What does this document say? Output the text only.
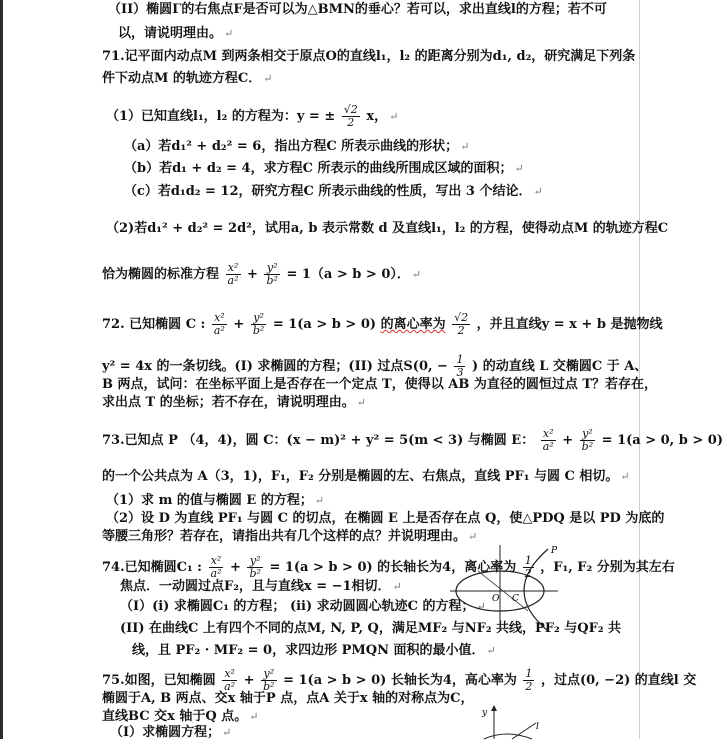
（II）椭圆Γ的右焦点F是否可以为△BMN的垂心？若可以，求出直线l的方程；若不可
以，请说明理由。 ↵
71.记平面内动点M 到两条相交于原点O的直线l₁，l₂ 的距离分别为d₁, d₂，研究满足下列条
件下动点M 的轨迹方程C． ↵
（1）已知直线l₁，l₂ 的方程为：y = ± $\frac{√2}{2}$ x， ↵
（a）若d₁² + d₂² = 6，指出方程C 所表示曲线的形状； ↵
（b）若d₁ + d₂ = 4，求方程C 所表示的曲线所围成区域的面积； ↵
（c）若d₁d₂ = 12，研究方程C 所表示曲线的性质，写出 3 个结论． ↵
（2)若d₁² + d₂² = 2d²，试用a, b 表示常数 d 及直线l₁，l₂ 的方程，使得动点M 的轨迹方程C
恰为椭圆的标准方程 $\frac{\text{x²}}{\text{a²}} + \frac{\text{y²}}{\text{b²}} = 1(a > b > 0)$． ↵
72. 已知椭圆 C : $\frac{\text{x²}}{\text{a²}} + \frac{\text{y²}}{\text{b²}} = 1(a > b > 0)$ 的离心率为 $\frac{√2}{2}$ ，并且直线y = x + b 是抛物线
y² = 4x 的一条切线。(I) 求椭圆的方程；(II) 过点S(0, − $\frac{1}{3}$ ) 的动直线 L 交椭圆C 于 A、
B 两点，试问：在坐标平面上是否存在一个定点 T，使得以 AB 为直径的圆恒过点 T？若存在，
求出点 T 的坐标；若不存在，请说明理由。 ↵
73.已知点 P （4，4)，圆 C：(x − m)² + y² = 5(m < 3) 与椭圆 E： $\frac{\text{x²}}{\text{a²}} + \frac{\text{y²}}{\text{b²}} = 1(a > 0$, b > 0)
的一个公共点为 A（3，1)，F₁，F₂ 分别是椭圆的左、右焦点，直线 PF₁ 与圆 C 相切。 ↵
（1）求 m 的值与椭圆 E 的方程； ↵
（2）设 D 为直线 PF₁ 与圆 C 的切点，在椭圆 E 上是否存在点 Q，使△PDQ 是以 PD 为底的
等腰三角形？若存在，请指出共有几个这样的点？并说明理由。 ↵
74.已知椭圆C₁ : $\frac{\text{x²}}{\text{a²}} + \frac{\text{y²}}{\text{b²}} = 1(a > b > 0)$ 的长轴长为4，离心率为 $\frac{1}{2}$ ，F₁, F₂ 分别为其左右
焦点．一动圆过点F₂，且与直线x = −1相切． ↵
（I）(i) 求椭圆C₁ 的方程； (ii) 求动圆圆心轨迹C 的方程； ↵
(II) 在曲线C 上有四个不同的点M, N, P, Q，满足MF₂ 与NF₂ 共线，PF₂ 与QF₂ 共
线，且 PF₂ · MF₂ = 0，求四边形 PMQN 面积的最小值． ↵
P
O C
75.如图，已知椭圆 $\frac{\text{x²}}{\text{a²}} + \frac{\text{y²}}{\text{b²}} = 1(a > b > 0)$ 长轴长为4，高心率为 $\frac{1}{2}$ ，过点(0, −2) 的直线l 交
椭圆于A, B 两点、交x 轴于P 点，点A 关于x 轴的对称点为C，
直线BC 交x 轴于Q 点。 ↵
（I）求椭圆方程； ↵
y
l
